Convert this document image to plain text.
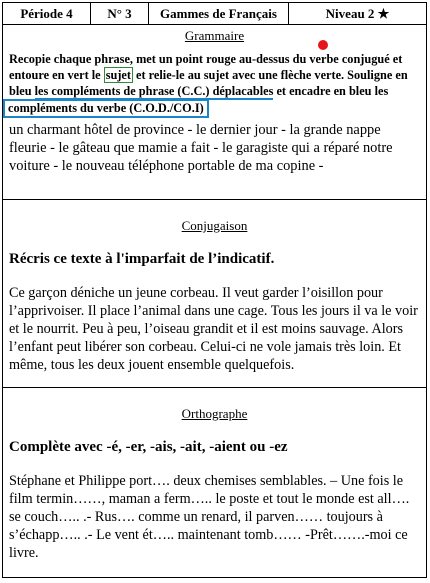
Période 4	N° 3	Gammes de Français	Niveau 2 ★
Grammaire
Recopie chaque phrase, met un point rouge au-dessus du verbe conjugué et entoure en vert le sujet et relie-le au sujet avec une flèche verte. Souligne en bleu les compléments de phrase (C.C.) déplacables et encadre en bleu les
compléments du verbe (C.O.D./CO.I)
un charmant hôtel de province - le dernier jour - la grande nappe fleurie - le gâteau que mamie a fait - le garagiste qui a réparé notre voiture - le nouveau téléphone portable de ma copine -
Conjugaison
Récris ce texte à l'imparfait de l’indicatif.
Ce garçon déniche un jeune corbeau. Il veut garder l’oisillon pour l’apprivoiser. Il place l’animal dans une cage. Tous les jours il va le voir et le nourrit. Peu à peu, l’oiseau grandit et il est moins sauvage. Alors l’enfant peut libérer son corbeau. Celui-ci ne vole jamais très loin. Et même, tous les deux jouent ensemble quelquefois.
Orthographe
Complète avec -é, -er, -ais, -ait, -aient ou -ez
Stéphane et Philippe port…. deux chemises semblables. – Une fois le film termin……, maman a ferm….. le poste et tout le monde est all…. se couch….. .- Rus…. comme un renard, il parven…… toujours à s’échapp….. .- Le vent ét….. maintenant tomb…… -Prêt…….-moi ce livre.
